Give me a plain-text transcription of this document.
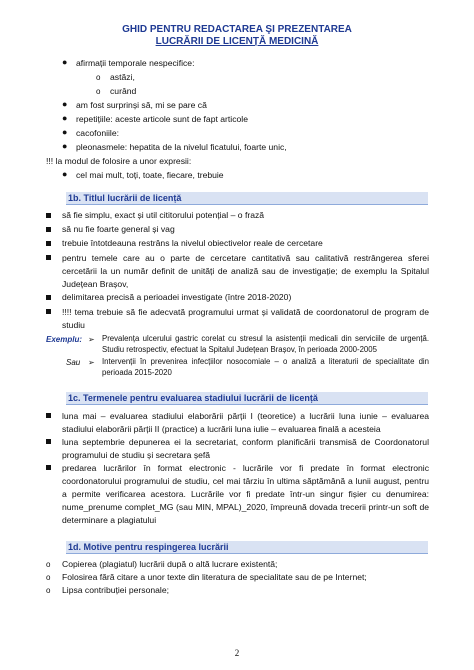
GHID PENTRU REDACTAREA ŞI PREZENTAREA
LUCRĂRII DE LICENȚĂ MEDICINĂ
● afirmații temporale nespecifice:
o astăzi,
o curând
● am fost surprinși să, mi se pare că
● repetițiile: aceste articole sunt de fapt articole
● cacofoniile:
● pleonasmele: hepatita de la nivelul ficatului, foarte unic,
!!! la modul de folosire a unor expresii:
● cel mai mult, toți, toate, fiecare, trebuie
1b. Titlul lucrării de licență
să fie simplu, exact și util cititorului potențial – o frază
să nu fie foarte general și vag
trebuie întotdeauna restrâns la nivelul obiectivelor reale de cercetare
pentru temele care au o parte de cercetare cantitativă sau calitativă restrângerea sferei cercetării la un număr definit de unități de analiză sau de investigație; de exemplu la Spitalul Județean Brașov,
delimitarea precisă a perioadei investigate (între 2018-2020)
!!!! tema trebuie să fie adecvată programului urmat și validată de coordonatorul de program de studiu
Exemplu: ➢ Prevalența ulcerului gastric corelat cu stresul la asistenții medicali din serviciile de urgență. Studiu retrospectiv, efectuat la Spitalul Județean Brașov, în perioada 2000-2005
Sau ➢ Intervenții în prevenirea infecțiilor nosocomiale – o analiză a literaturii de specialitate din perioada 2015-2020
1c. Termenele pentru evaluarea stadiului lucrării de licență
luna mai – evaluarea stadiului elaborării părții I (teoretice) a lucrării luna iunie – evaluarea stadiului elaborării părții II (practice) a lucrării luna iulie – evaluarea finală a acesteia
luna septembrie depunerea ei la secretariat, conform planificării transmisă de Coordonatorul programului de studiu și secretara șefă
predarea lucrărilor în format electronic - lucrările vor fi predate în format electronic coordonatorului programului de studiu, cel mai târziu în ultima săptămână a lunii august, pentru a permite verificarea acestora. Lucrările vor fi predate într-un singur fișier cu denumirea: nume_prenume complet_MG (sau MIN, MPAL)_2020, împreună dovada trecerii printr-un soft de determinare a plagiatului
1d. Motive pentru respingerea lucrării
o Copierea (plagiatul) lucrării după o altă lucrare existentă;
o Folosirea fără citare a unor texte din literatura de specialitate sau de pe Internet;
o Lipsa contribuției personale;
2
